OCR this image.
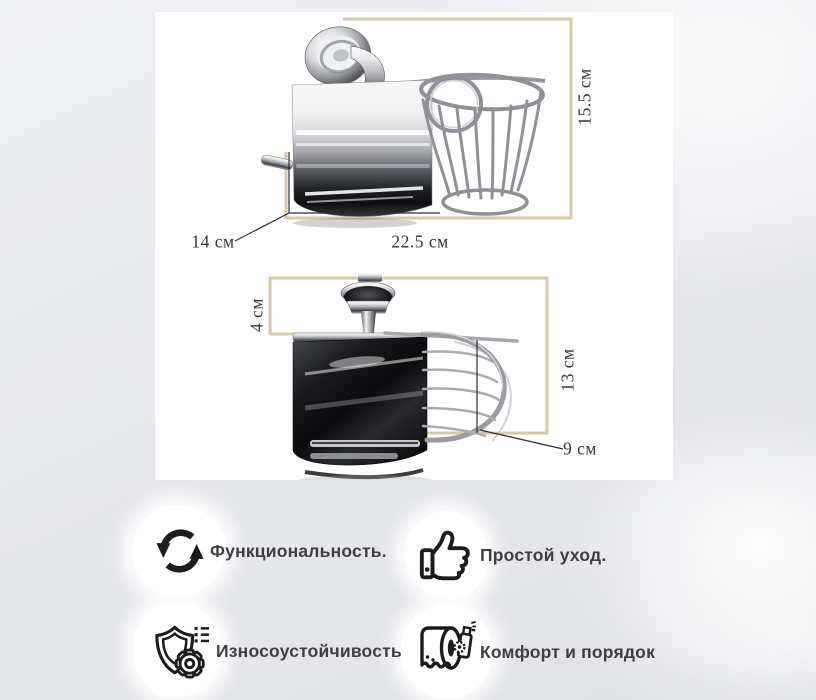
15.5 см
22.5 см
14 см
4 см
13 см
9 см
Функциональность.	Простой уход.
Износоустойчивость	Комфорт и порядок
